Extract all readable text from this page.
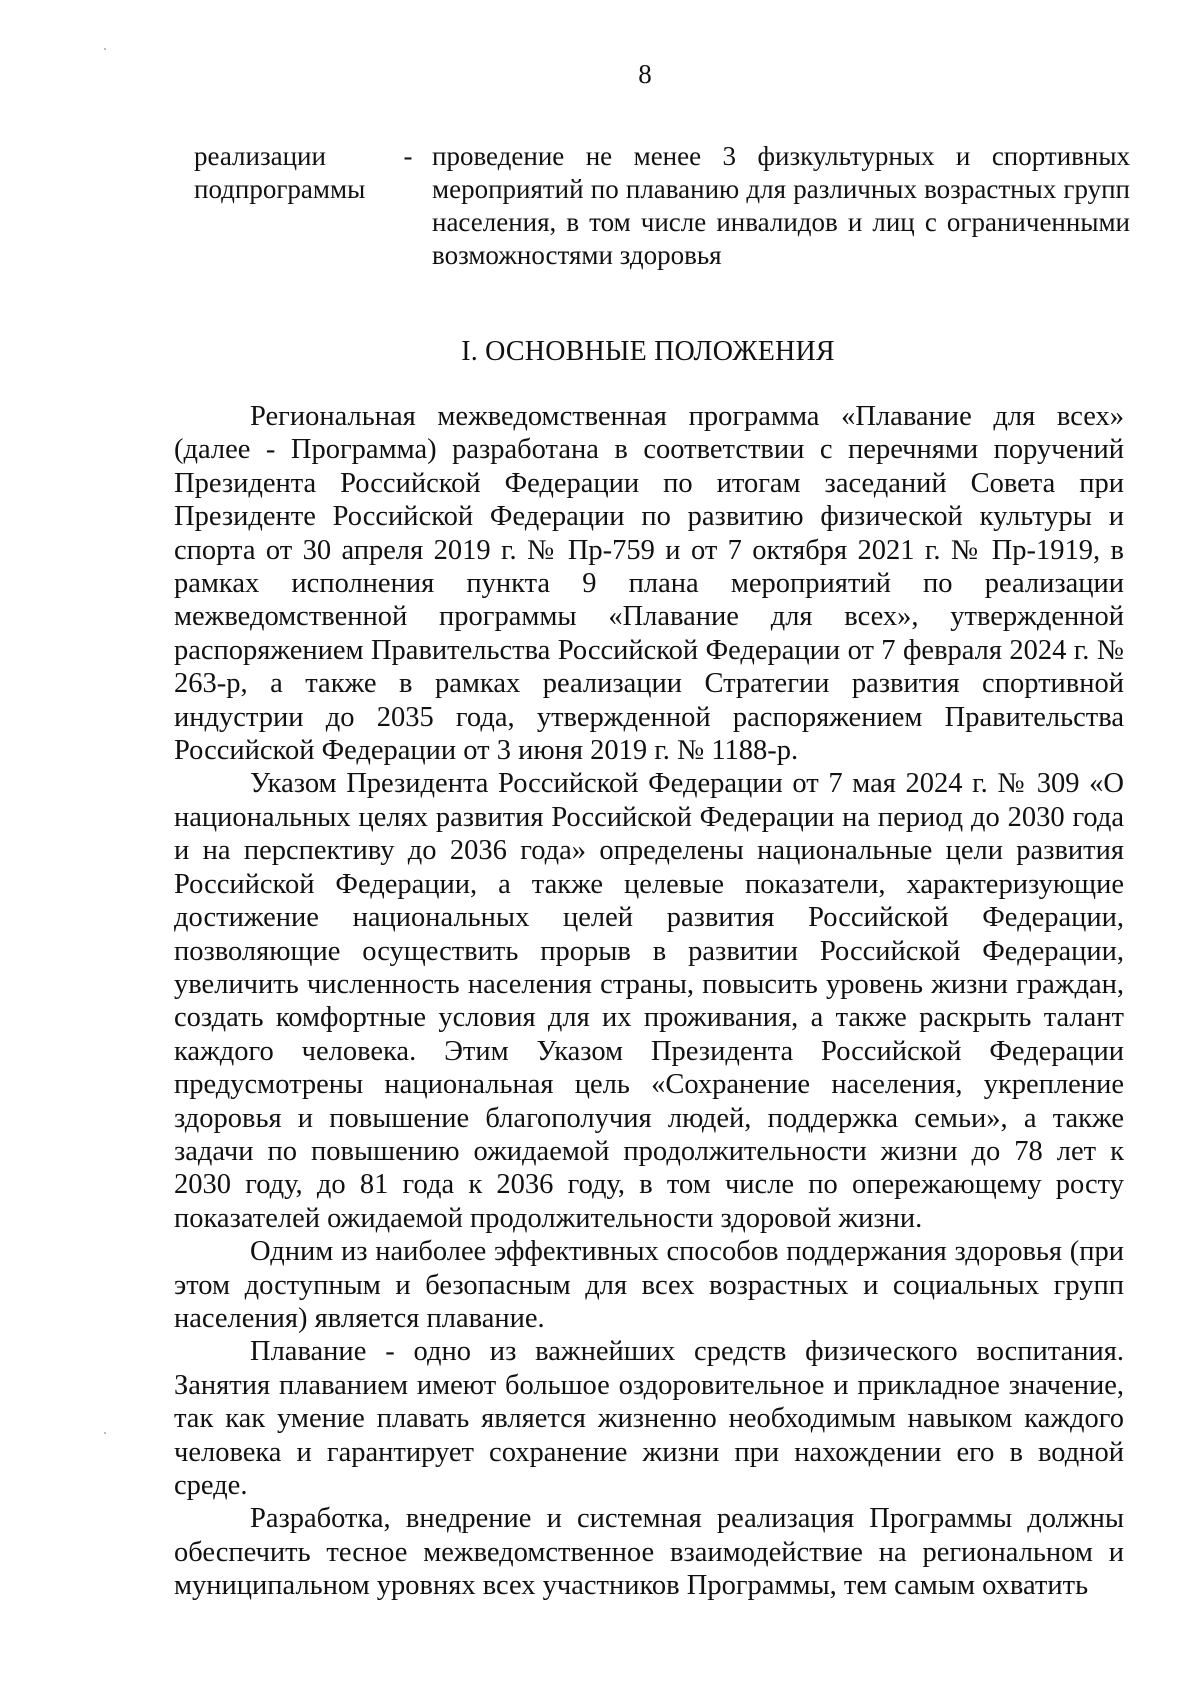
8
реализации
подпрограммы
- проведение не менее 3 физкультурных и спортивных мероприятий по плаванию для различных возрастных групп населения, в том числе инвалидов и лиц с ограниченными возможностями здоровья
I. ОСНОВНЫЕ ПОЛОЖЕНИЯ

Региональная межведомственная программа «Плавание для всех» (далее - Программа) разработана в соответствии с перечнями поручений Президента Российской Федерации по итогам заседаний Совета при Президенте Российской Федерации по развитию физической культуры и спорта от 30 апреля 2019 г. № Пр-759 и от 7 октября 2021 г. № Пр-1919, в рамках исполнения пункта 9 плана мероприятий по реализации межведомственной программы «Плавание для всех», утвержденной распоряжением Правительства Российской Федерации от 7 февраля 2024 г. № 263-р, а также в рамках реализации Стратегии развития спортивной индустрии до 2035 года, утвержденной распоряжением Правительства Российской Федерации от 3 июня 2019 г. № 1188-р.

Указом Президента Российской Федерации от 7 мая 2024 г. № 309 «О национальных целях развития Российской Федерации на период до 2030 года и на перспективу до 2036 года» определены национальные цели развития Российской Федерации, а также целевые показатели, характеризующие достижение национальных целей развития Российской Федерации, позволяющие осуществить прорыв в развитии Российской Федерации, увеличить численность населения страны, повысить уровень жизни граждан, создать комфортные условия для их проживания, а также раскрыть талант каждого человека. Этим Указом Президента Российской Федерации предусмотрены национальная цель «Сохранение населения, укрепление здоровья и повышение благополучия людей, поддержка семьи», а также задачи по повышению ожидаемой продолжительности жизни до 78 лет к 2030 году, до 81 года к 2036 году, в том числе по опережающему росту показателей ожидаемой продолжительности здоровой жизни.

Одним из наиболее эффективных способов поддержания здоровья (при этом доступным и безопасным для всех возрастных и социальных групп населения) является плавание.

Плавание - одно из важнейших средств физического воспитания. Занятия плаванием имеют большое оздоровительное и прикладное значение, так как умение плавать является жизненно необходимым навыком каждого человека и гарантирует сохранение жизни при нахождении его в водной среде.

Разработка, внедрение и системная реализация Программы должны обеспечить тесное межведомственное взаимодействие на региональном и муниципальном уровнях всех участников Программы, тем самым охватить
